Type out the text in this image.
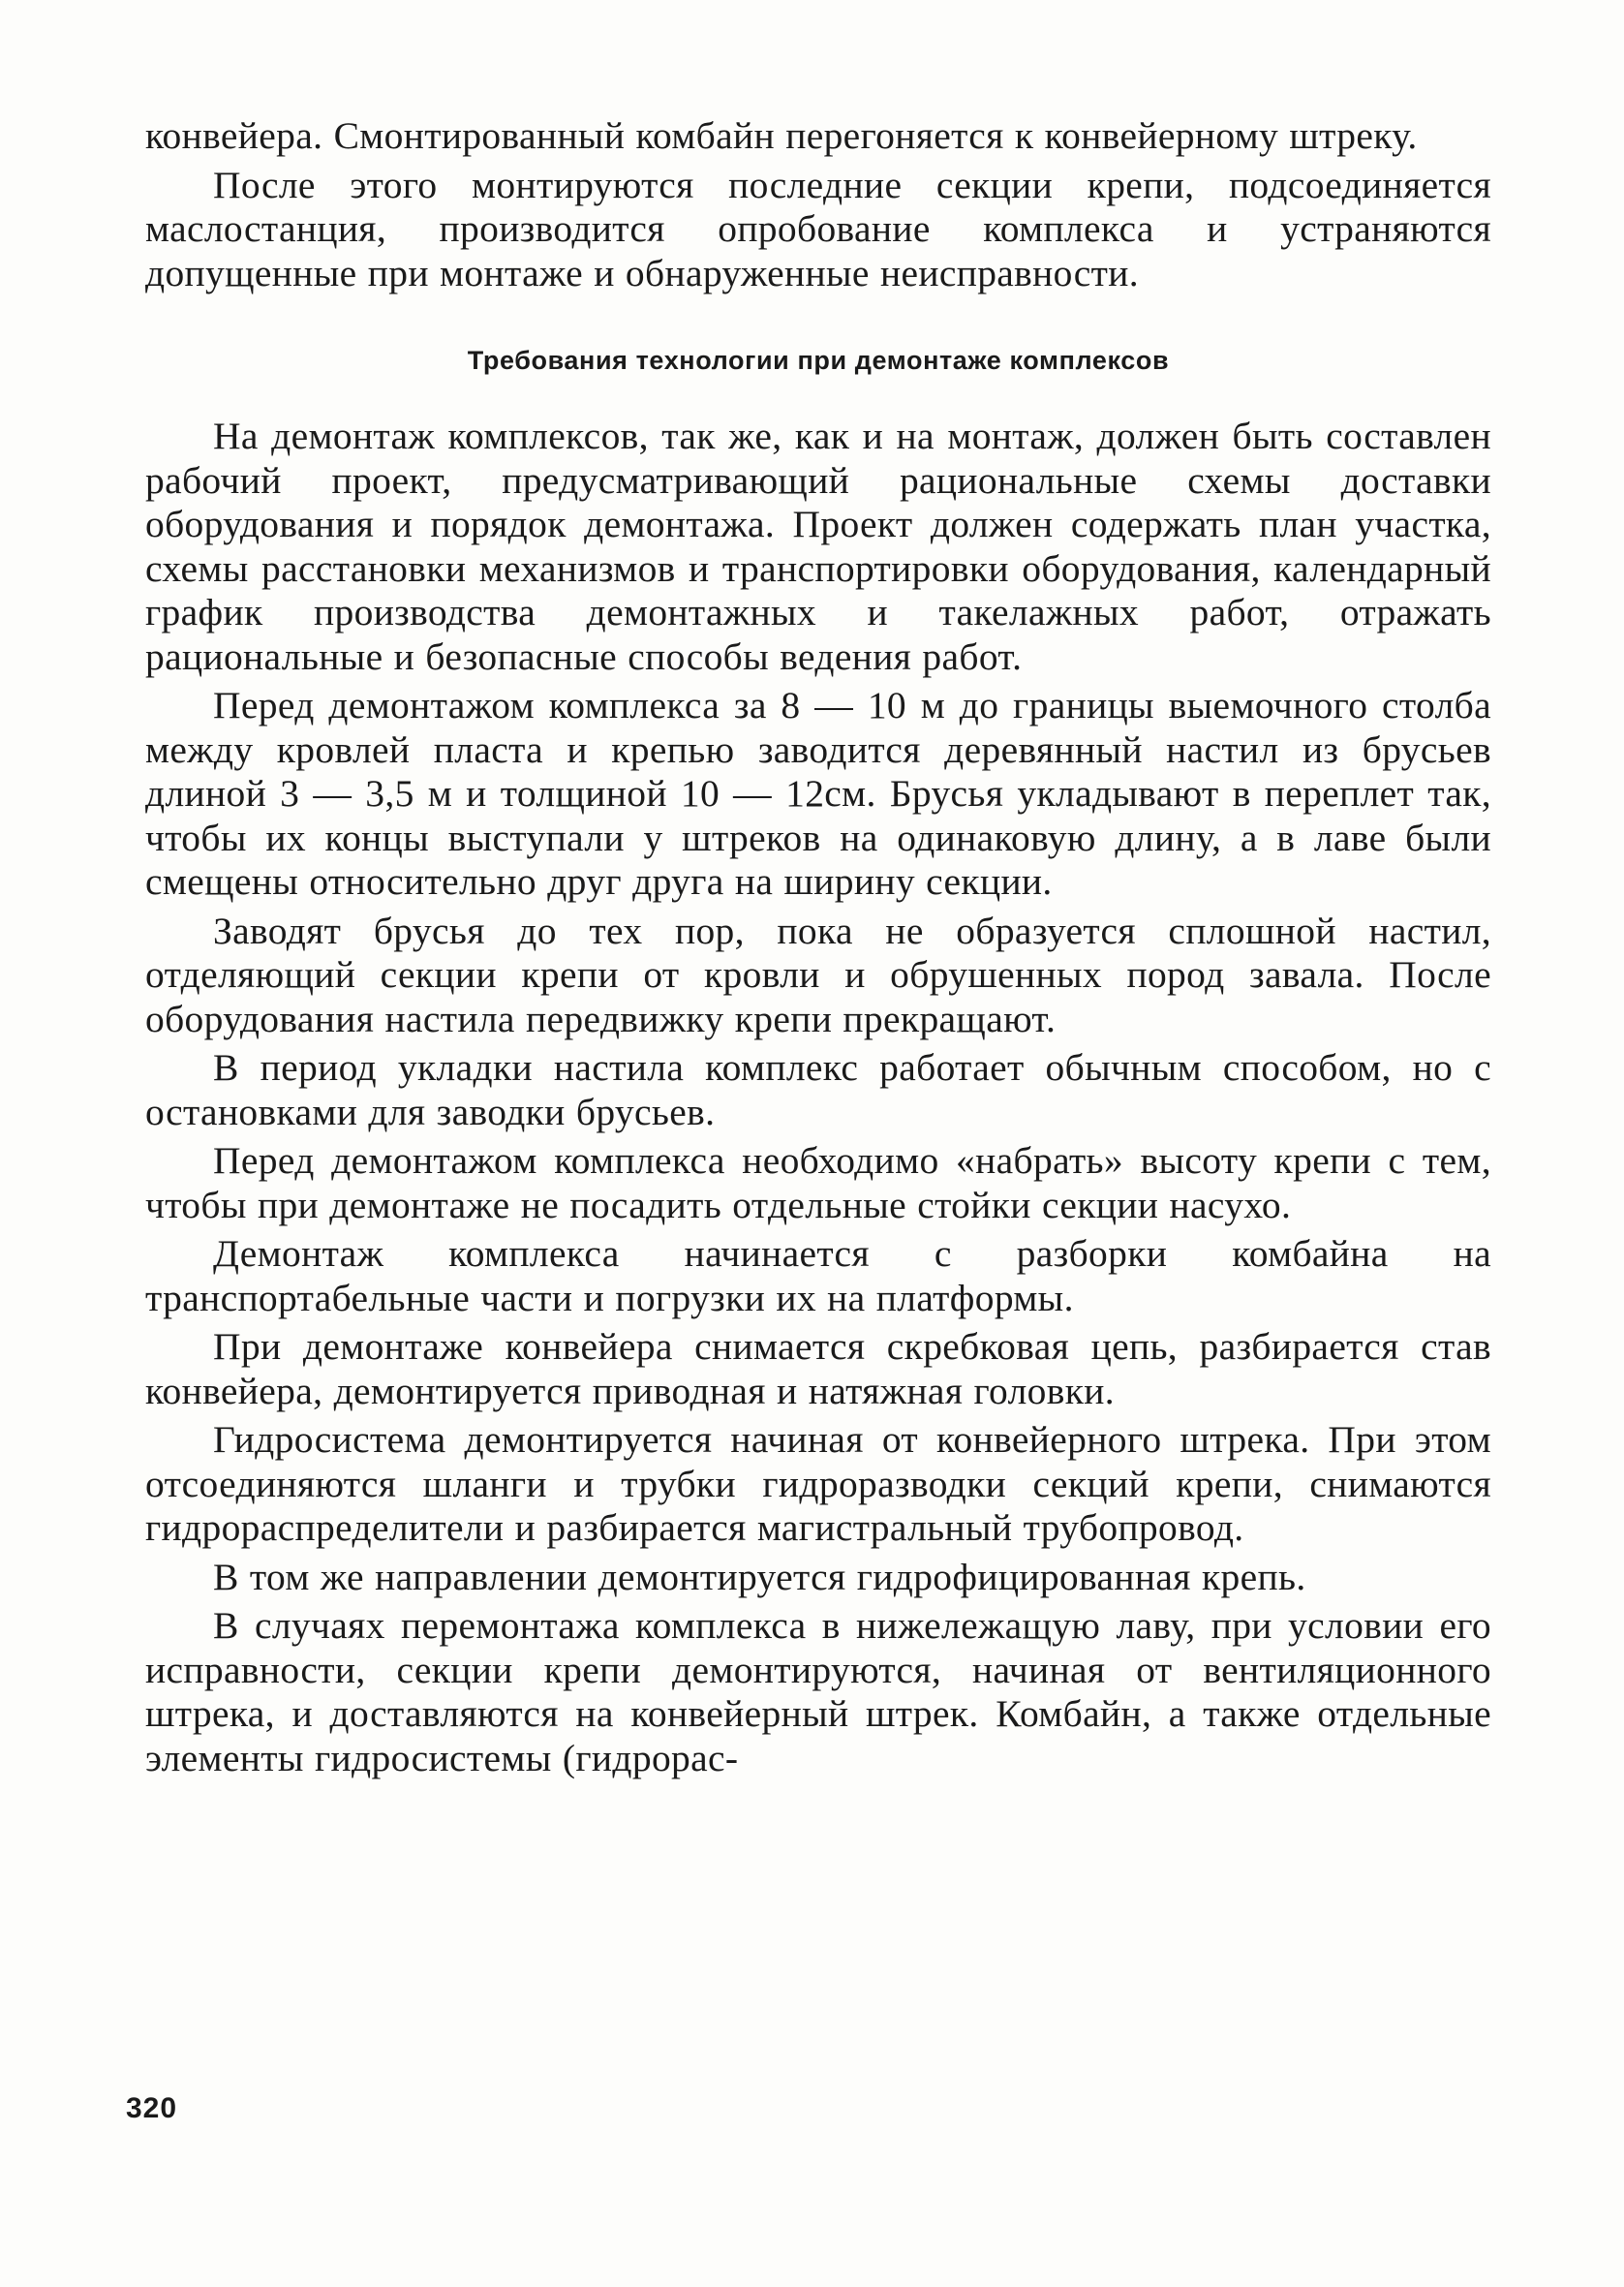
конвейера. Смонтированный комбайн перегоняется к конвейерному штреку.

После этого монтируются последние секции крепи, подсоединяется маслостанция, производится опробование комплекса и устраняются допущенные при монтаже и обнаруженные неисправности.

Требования технологии при демонтаже комплексов

На демонтаж комплексов, так же, как и на монтаж, должен быть составлен рабочий проект, предусматривающий рациональные схемы доставки оборудования и порядок демонтажа. Проект должен содержать план участка, схемы расстановки механизмов и транспортировки оборудования, календарный график производства демонтажных и такелажных работ, отражать рациональные и безопасные способы ведения работ.

Перед демонтажом комплекса за 8 — 10 м до границы выемочного столба между кровлей пласта и крепью заводится деревянный настил из брусьев длиной 3 — 3,5 м и толщиной 10 — 12см. Брусья укладывают в переплет так, чтобы их концы выступали у штреков на одинаковую длину, а в лаве были смещены относительно друг друга на ширину секции.

Заводят брусья до тех пор, пока не образуется сплошной настил, отделяющий секции крепи от кровли и обрушенных пород завала. После оборудования настила передвижку крепи прекращают.

В период укладки настила комплекс работает обычным способом, но с остановками для заводки брусьев.

Перед демонтажом комплекса необходимо «набрать» высоту крепи с тем, чтобы при демонтаже не посадить отдельные стойки секции насухо.

Демонтаж комплекса начинается с разборки комбайна на транспортабельные части и погрузки их на платформы.

При демонтаже конвейера снимается скребковая цепь, разбирается став конвейера, демонтируется приводная и натяжная головки.

Гидросистема демонтируется начиная от конвейерного штрека. При этом отсоединяются шланги и трубки гидроразводки секций крепи, снимаются гидрораспределители и разбирается магистральный трубопровод.

В том же направлении демонтируется гидрофицированная крепь.

В случаях перемонтажа комплекса в нижележащую лаву, при условии его исправности, секции крепи демонтируются, начиная от вентиляционного штрека, и доставляются на конвейерный штрек. Комбайн, а также отдельные элементы гидросистемы (гидрорас-

320
